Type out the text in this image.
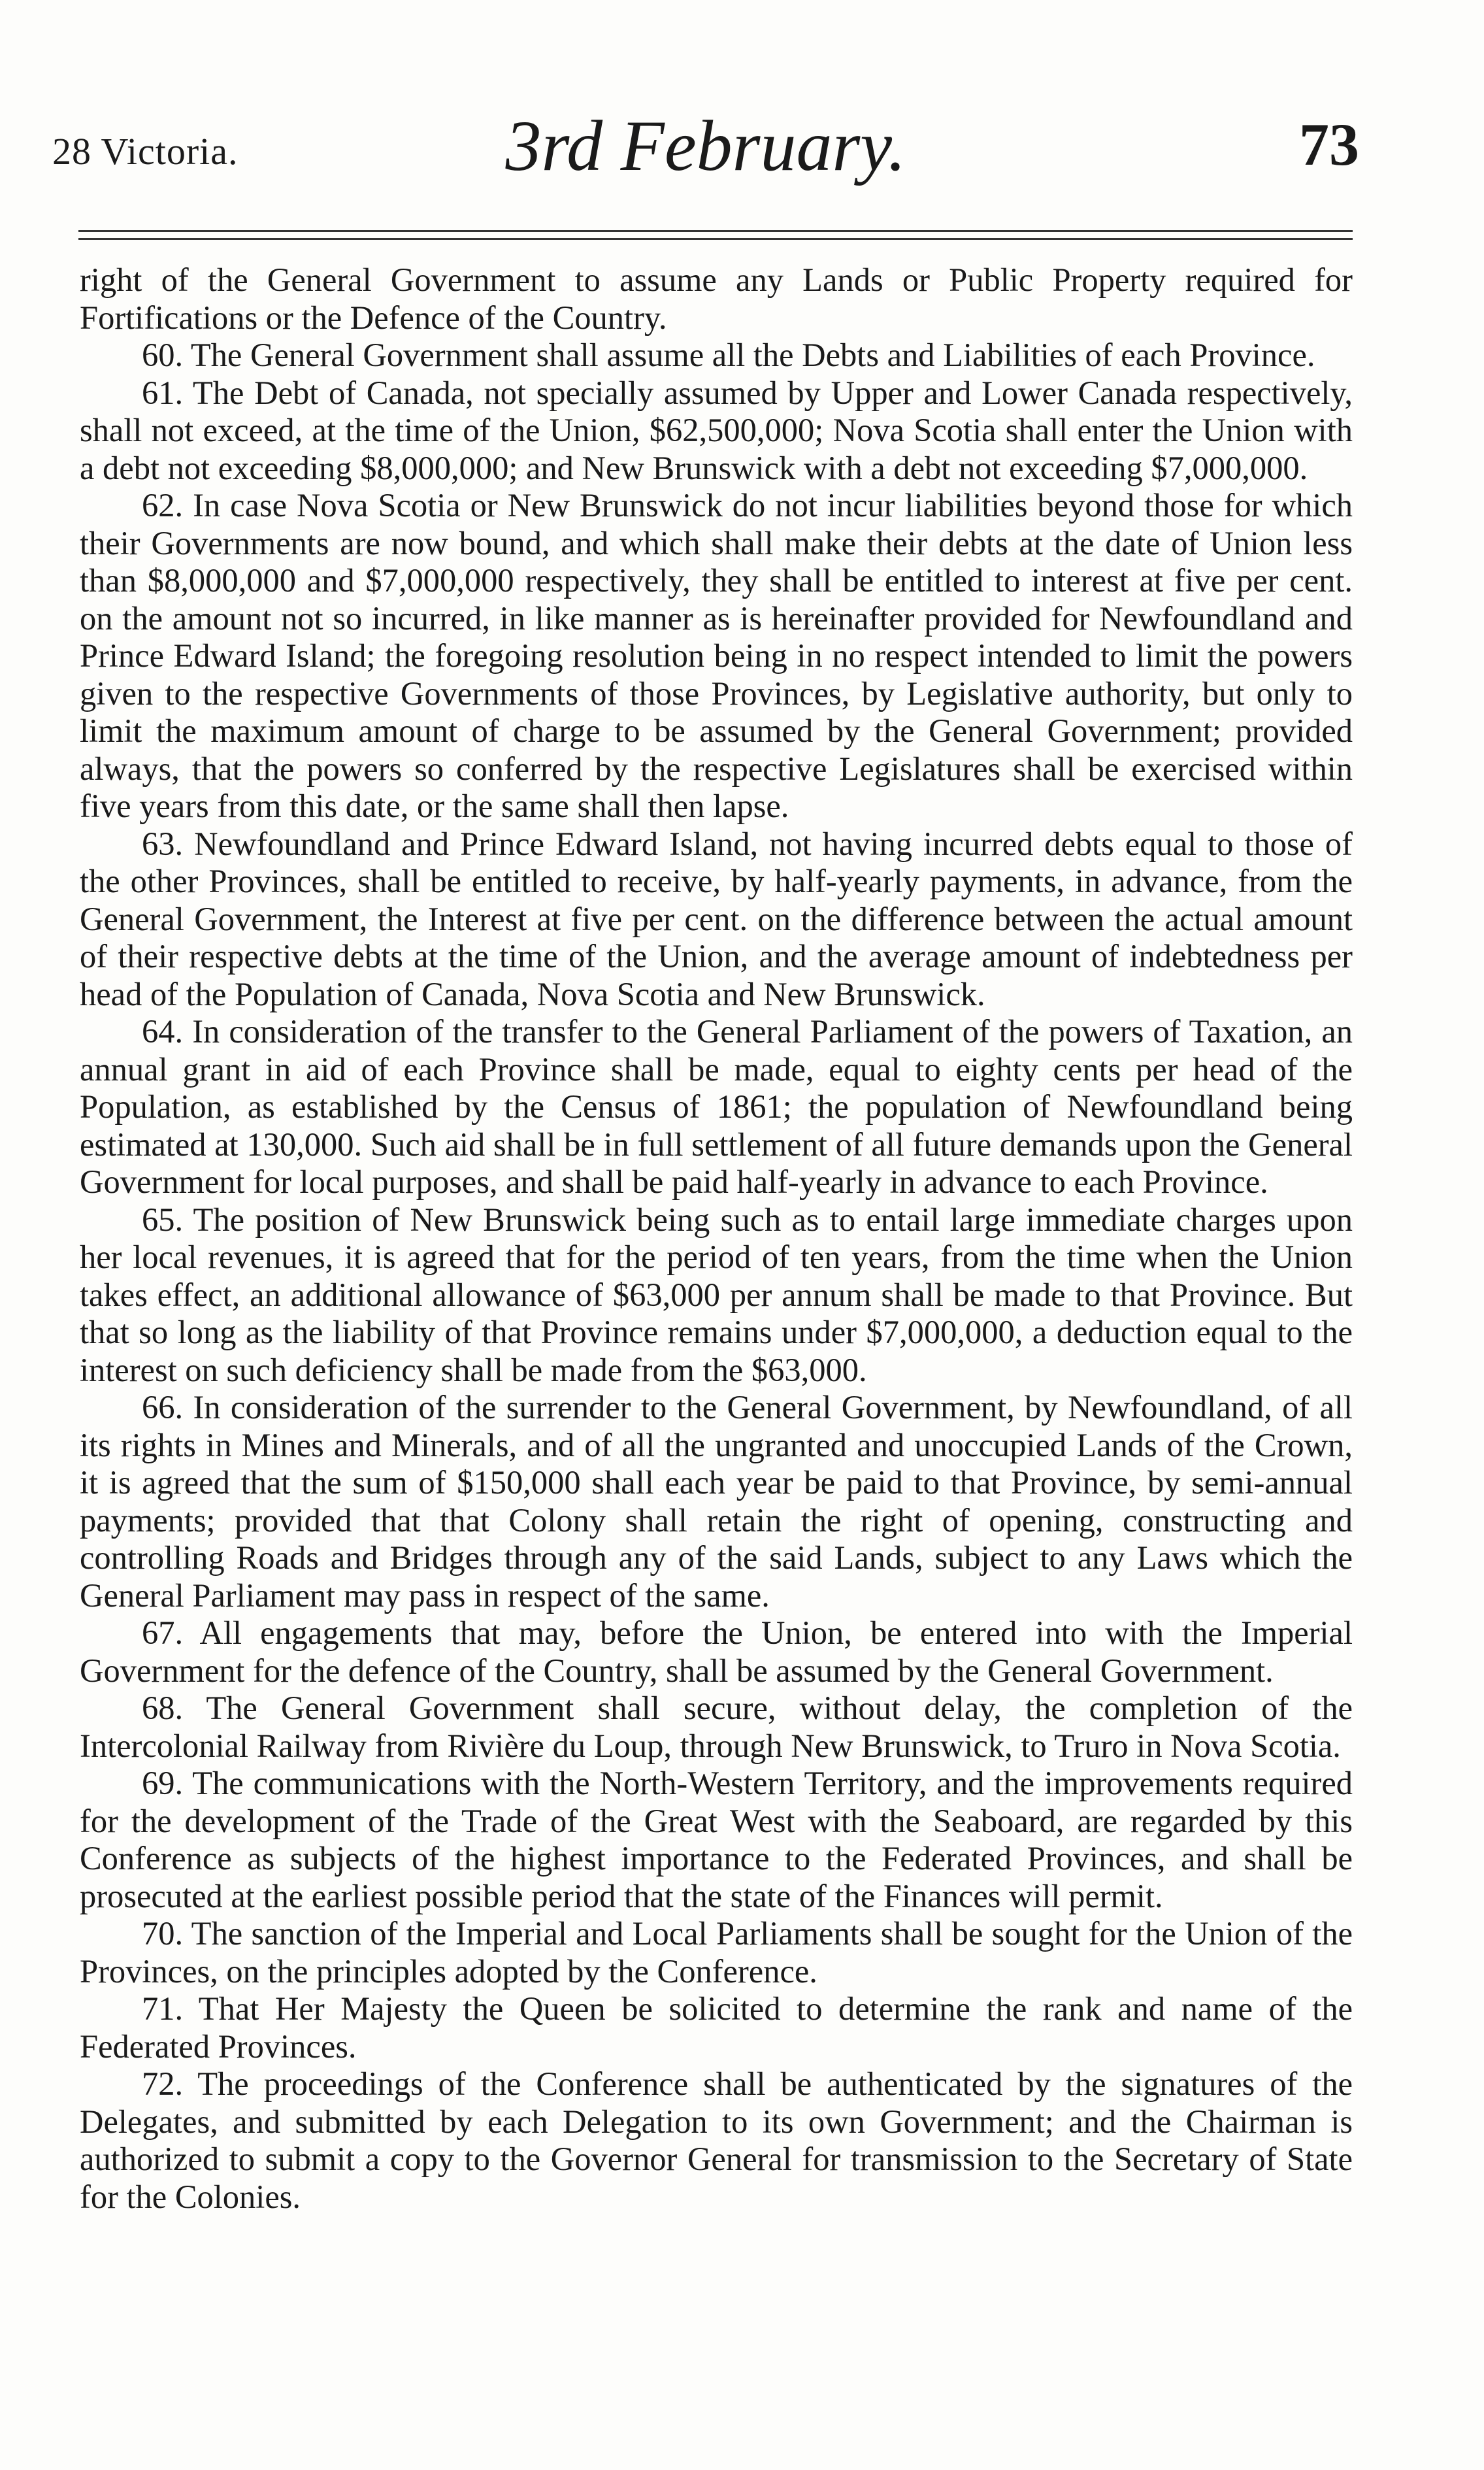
28 Victoria.	3rd February.	73

right of the General Government to assume any Lands or Public Property required for Fortifications or the Defence of the Country.

60. The General Government shall assume all the Debts and Liabilities of each Province.

61. The Debt of Canada, not specially assumed by Upper and Lower Canada respectively, shall not exceed, at the time of the Union, $62,500,000; Nova Scotia shall enter the Union with a debt not exceeding $8,000,000; and New Brunswick with a debt not exceeding $7,000,000.

62. In case Nova Scotia or New Brunswick do not incur liabilities beyond those for which their Governments are now bound, and which shall make their debts at the date of Union less than $8,000,000 and $7,000,000 respectively, they shall be entitled to interest at five per cent. on the amount not so incurred, in like manner as is hereinafter provided for Newfoundland and Prince Edward Island; the foregoing resolution being in no respect intended to limit the powers given to the respective Governments of those Provinces, by Legislative authority, but only to limit the maximum amount of charge to be assumed by the General Government; provided always, that the powers so conferred by the respective Legislatures shall be exercised within five years from this date, or the same shall then lapse.

63. Newfoundland and Prince Edward Island, not having incurred debts equal to those of the other Provinces, shall be entitled to receive, by half-yearly payments, in advance, from the General Government, the Interest at five per cent. on the difference between the actual amount of their respective debts at the time of the Union, and the average amount of indebtedness per head of the Population of Canada, Nova Scotia and New Brunswick.

64. In consideration of the transfer to the General Parliament of the powers of Taxation, an annual grant in aid of each Province shall be made, equal to eighty cents per head of the Population, as established by the Census of 1861; the population of Newfoundland being estimated at 130,000. Such aid shall be in full settlement of all future demands upon the General Government for local purposes, and shall be paid half-yearly in advance to each Province.

65. The position of New Brunswick being such as to entail large immediate charges upon her local revenues, it is agreed that for the period of ten years, from the time when the Union takes effect, an additional allowance of $63,000 per annum shall be made to that Province. But that so long as the liability of that Province remains under $7,000,000, a deduction equal to the interest on such deficiency shall be made from the $63,000.

66. In consideration of the surrender to the General Government, by Newfoundland, of all its rights in Mines and Minerals, and of all the ungranted and unoccupied Lands of the Crown, it is agreed that the sum of $150,000 shall each year be paid to that Province, by semi-annual payments; provided that that Colony shall retain the right of opening, constructing and controlling Roads and Bridges through any of the said Lands, subject to any Laws which the General Parliament may pass in respect of the same.

67. All engagements that may, before the Union, be entered into with the Imperial Government for the defence of the Country, shall be assumed by the General Government.

68. The General Government shall secure, without delay, the completion of the Intercolonial Railway from Rivière du Loup, through New Brunswick, to Truro in Nova Scotia.

69. The communications with the North-Western Territory, and the improvements required for the development of the Trade of the Great West with the Seaboard, are regarded by this Conference as subjects of the highest importance to the Federated Provinces, and shall be prosecuted at the earliest possible period that the state of the Finances will permit.

70. The sanction of the Imperial and Local Parliaments shall be sought for the Union of the Provinces, on the principles adopted by the Conference.

71. That Her Majesty the Queen be solicited to determine the rank and name of the Federated Provinces.

72. The proceedings of the Conference shall be authenticated by the signatures of the Delegates, and submitted by each Delegation to its own Government; and the Chairman is authorized to submit a copy to the Governor General for transmission to the Secretary of State for the Colonies.
